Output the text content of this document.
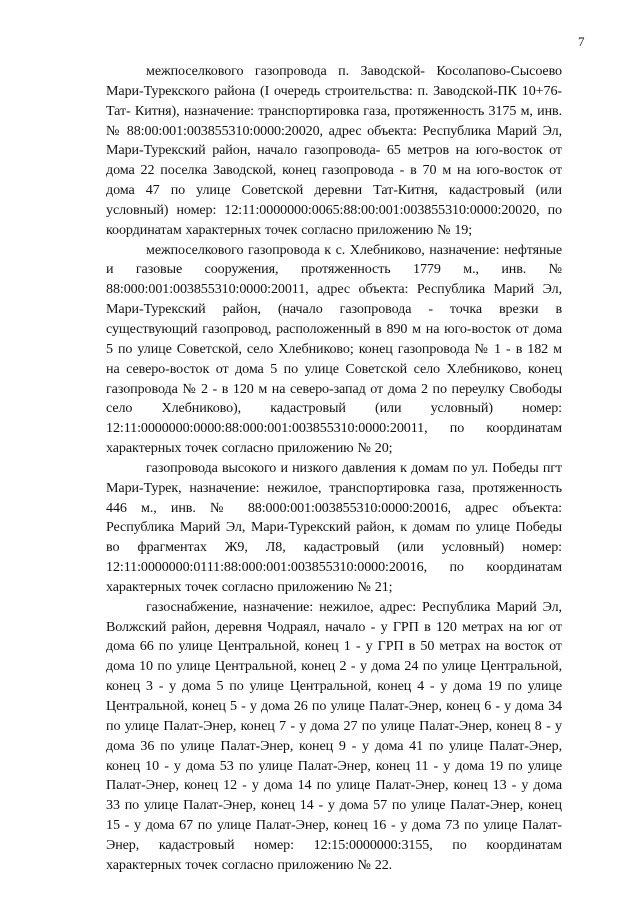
7

межпоселкового газопровода п. Заводской- Косолапово-Сысоево Мари-Турекского района (I очередь строительства: п. Заводской-ПК 10+76- Тат- Китня), назначение: транспортировка газа, протяженность 3175 м, инв. № 88:00:001:003855310:0000:20020, адрес объекта: Республика Марий Эл, Мари-Турекский район, начало газопровода- 65 метров на юго-восток от дома 22 поселка Заводской, конец газопровода - в 70 м на юго-восток от дома 47 по улице Советской деревни Тат-Китня, кадастровый (или условный) номер: 12:11:0000000:0065:88:00:001:003855310:0000:20020, по координатам характерных точек согласно приложению № 19;

межпоселкового газопровода к с. Хлебниково, назначение: нефтяные и газовые сооружения, протяженность 1779 м., инв. № 88:000:001:003855310:0000:20011, адрес объекта: Республика Марий Эл, Мари-Турекский район, (начало газопровода - точка врезки в существующий газопровод, расположенный в 890 м на юго-восток от дома 5 по улице Советской, село Хлебниково; конец газопровода № 1 - в 182 м на северо-восток от дома 5 по улице Советской село Хлебниково, конец газопровода № 2 - в 120 м на северо-запад от дома 2 по переулку Свободы село Хлебниково), кадастровый (или условный) номер: 12:11:0000000:0000:88:000:001:003855310:0000:20011, по координатам характерных точек согласно приложению № 20;

газопровода высокого и низкого давления к домам по ул. Победы пгт Мари-Турек, назначение: нежилое, транспортировка газа, протяженность 446 м., инв. № 88:000:001:003855310:0000:20016, адрес объекта: Республика Марий Эл, Мари-Турекский район, к домам по улице Победы во фрагментах Ж9, Л8, кадастровый (или условный) номер: 12:11:0000000:0111:88:000:001:003855310:0000:20016, по координатам характерных точек согласно приложению № 21;

газоснабжение, назначение: нежилое, адрес: Республика Марий Эл, Волжский район, деревня Чодраял, начало - у ГРП в 120 метрах на юг от дома 66 по улице Центральной, конец 1 - у ГРП в 50 метрах на восток от дома 10 по улице Центральной, конец 2 - у дома 24 по улице Центральной, конец 3 - у дома 5 по улице Центральной, конец 4 - у дома 19 по улице Центральной, конец 5 - у дома 26 по улице Палат-Энер, конец 6 - у дома 34 по улице Палат-Энер, конец 7 - у дома 27 по улице Палат-Энер, конец 8 - у дома 36 по улице Палат-Энер, конец 9 - у дома 41 по улице Палат-Энер, конец 10 - у дома 53 по улице Палат-Энер, конец 11 - у дома 19 по улице Палат-Энер, конец 12 - у дома 14 по улице Палат-Энер, конец 13 - у дома 33 по улице Палат-Энер, конец 14 - у дома 57 по улице Палат-Энер, конец 15 - у дома 67 по улице Палат-Энер, конец 16 - у дома 73 по улице Палат-Энер, кадастровый номер: 12:15:0000000:3155, по координатам характерных точек согласно приложению № 22.
